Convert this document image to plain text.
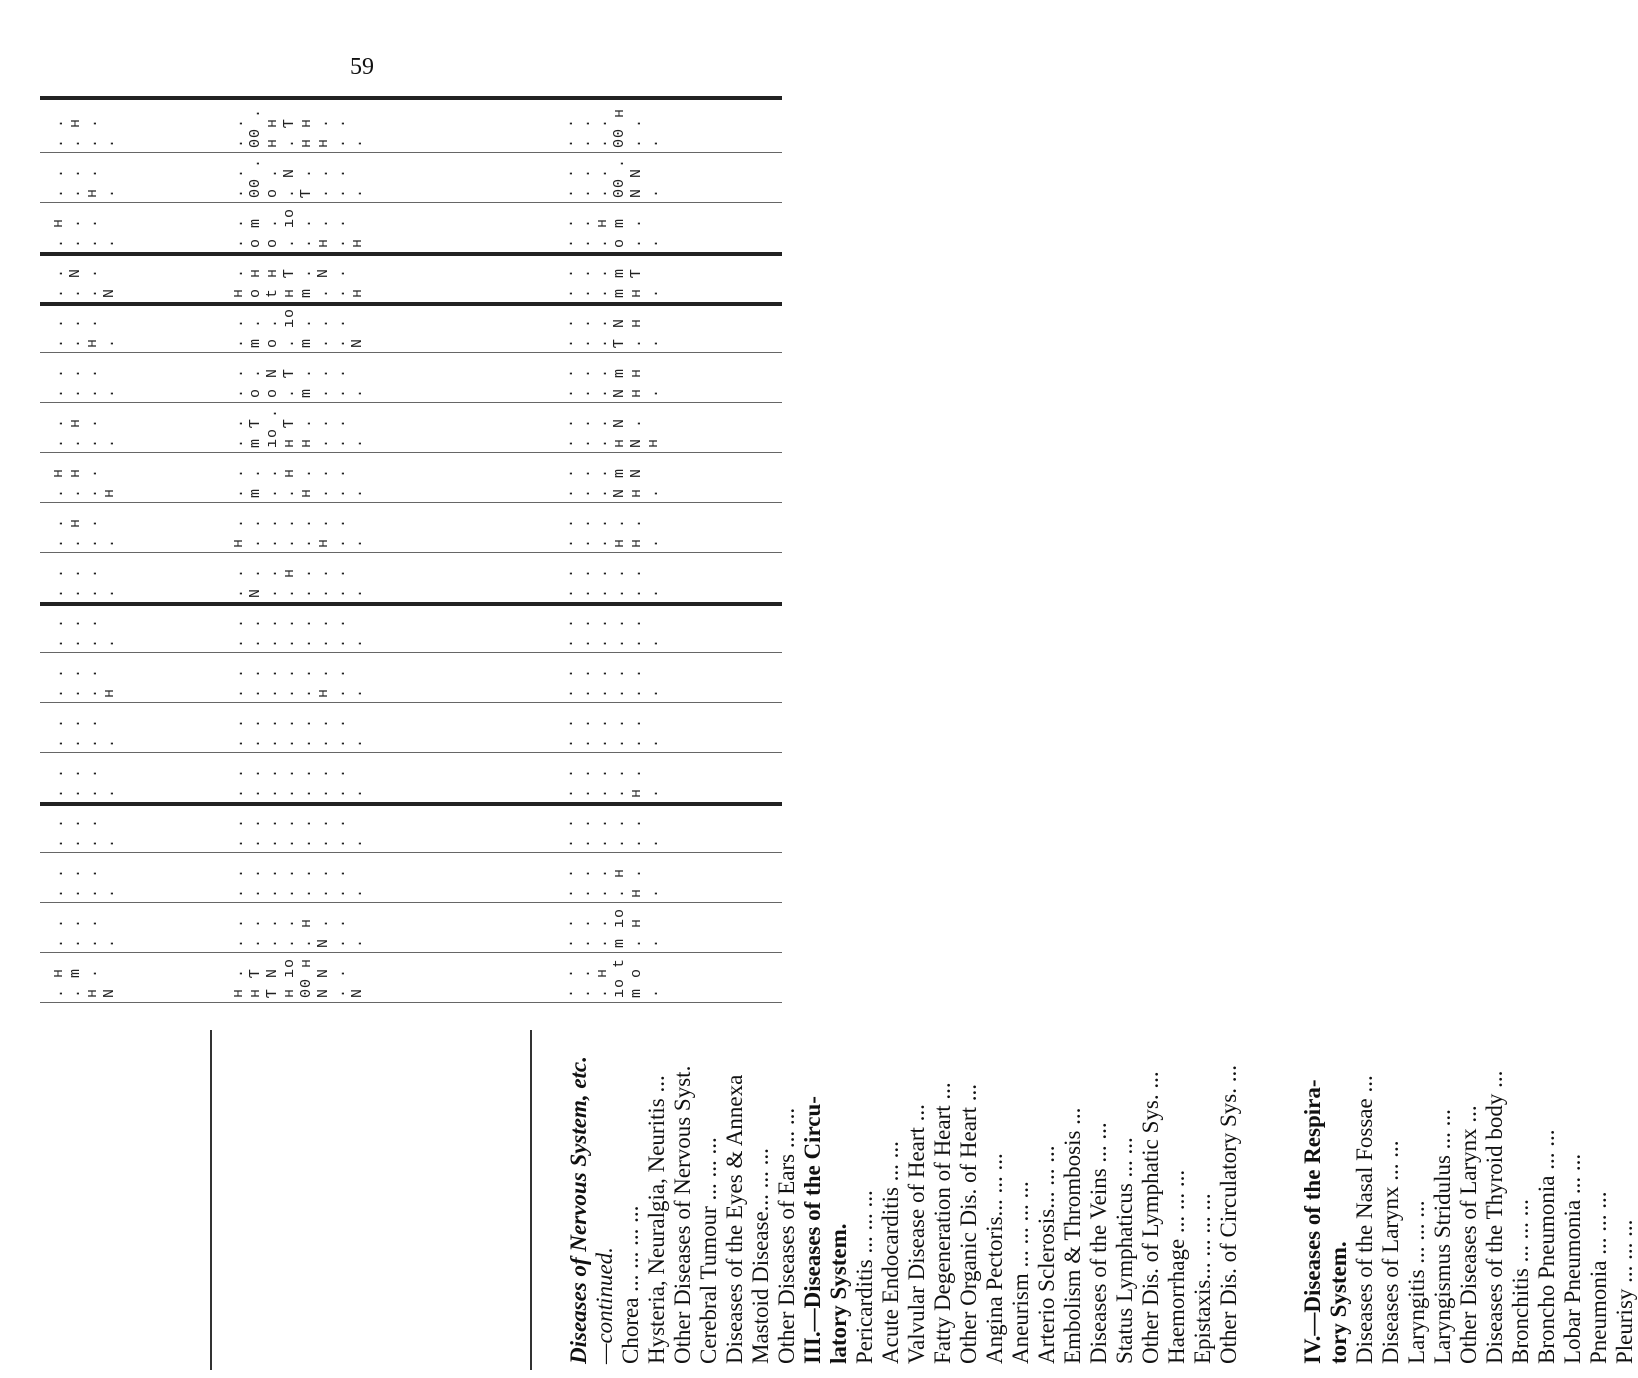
59
. . . н . . .	. . 00 . н н . Ƭ н н н . . . .	. . . . . . 00 н . . .
. . . . н . .	. . 00 . о . . N Ƭ . . . . . .	. . . . . . 00 . N N .
. н . . . . .	. . o m o . . ıo . . н . . . н	. . . . . н o m . . .
. . . N . . N	н . o н t н н Ƭ m . . N . . н	. . . . . . m m н Ƭ .
. . . . н . .	. . m . o . . ıo m . . . . . N	. . . . . . Ƭ N . н .
. . . . . . .	. . о . о N . Ƭ m . . . . . .	. . . . . . N m н н .
. . . н . . .	. . m Ƭ ıo . н Ƭ н . . . . . .	. . . . . . н N N . н
. н . н . . н	. . m . . . . н н . . . . . .	. . . . . . N m н N .
. . . н . . .	н . . . . . . . . . н . . . .	. . . . . . н . н . .
. . . . . . .	. . N . . . . н . . . . . . .	. . . . . . . . . . .
. . . . . . .	. . . . . . . . . . . . . . .	. . . . . . . . . . .
. . . . . . н	. . . . . . . . . . н . . . .	. . . . . . . . . . .
. . . . . . .	. . . . . . . . . . . . . . .	. . . . . . . . . . .
. . . . . . .	. . . . . . . . . . . . . . .	. . . . . . . . н . .
. . . . . . .	. . . . . . . . . . . . . . .	. . . . . . . . . . .
. . . . . . .	. . . . . . . . . . . . . . .	. . . . . . . н н . .
. . . . . . .	. . . . . . . . . н N . . . .	. . . . . . m ıo . н .
. н . m н . N	н . н Ƭ Ƭ N н ıo 00 н N N . . N	. . . . . н ıo t m o .
Diseases of Nervous System, etc. —continued. Chorea ... ... ... ... Hysteria, Neuralgia, Neuritis ... Other Diseases of Nervous Syst. Cerebral Tumour ... ... ... Diseases of the Eyes & Annexa Mastoid Disease... ... ... Other Diseases of Ears ... ... III.—Diseases of the Circu- latory System. Pericarditis ... ... ... Acute Endocarditis ... ... Valvular Disease of Heart ... Fatty Degeneration of Heart ... Other Organic Dis. of Heart ... Angina Pectoris... ... ... Aneurism ... ... ... ... Arterio Sclerosis... ... ... Embolism & Thrombosis ... Diseases of the Veins ... ... Status Lymphaticus ... ... Other Dis. of Lymphatic Sys. ... Haemorrhage ... ... ... Epistaxis... ... ... ... Other Dis. of Circulatory Sys. ...	IV.—Diseases of the Respira- tory System. Diseases of the Nasal Fossae ... Diseases of Larynx ... ... Laryngitis ... ... ... Laryngismus Stridulus ... ... Other Diseases of Larynx ... Diseases of the Thyroid body ... Bronchitis ... ... ... Broncho Pneumonia ... ... Lobar Pneumonia ... ... Pneumonia ... ... ... Pleurisy ... ... ...
